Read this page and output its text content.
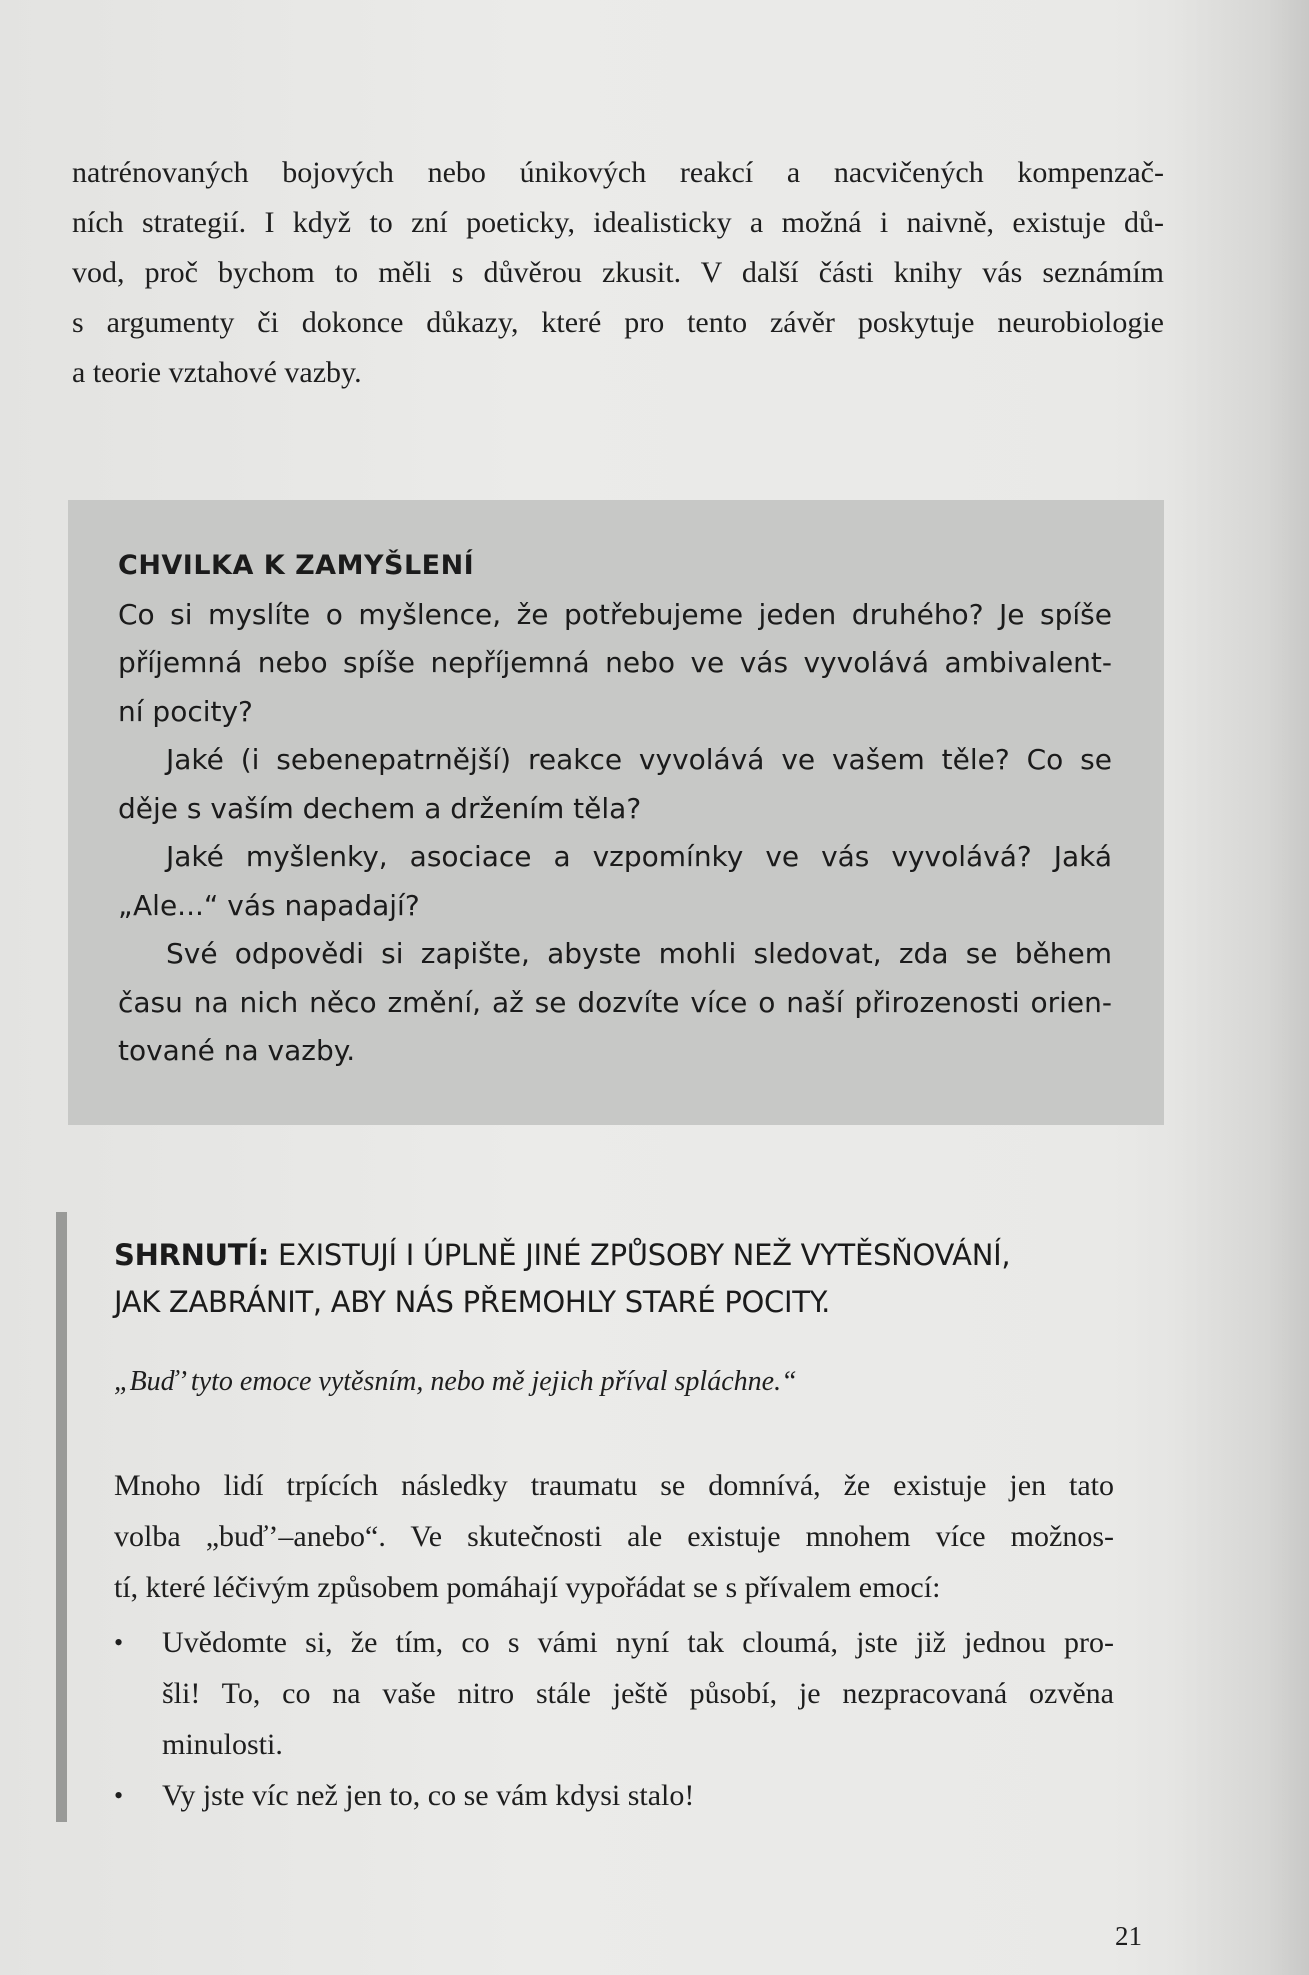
natrénovaných bojových nebo únikových reakcí a nacvičených kompenzač-
ních strategií. I když to zní poeticky, idealisticky a možná i naivně, existuje dů-
vod, proč bychom to měli s důvěrou zkusit. V další části knihy vás seznámím
s argumenty či dokonce důkazy, které pro tento závěr poskytuje neurobiologie
a teorie vztahové vazby.
CHVILKA K ZAMYŠLENÍ
Co si myslíte o myšlence, že potřebujeme jeden druhého? Je spíše
příjemná nebo spíše nepříjemná nebo ve vás vyvolává ambivalent-
ní pocity?
Jaké (i sebenepatrnější) reakce vyvolává ve vašem těle? Co se
děje s vaším dechem a držením těla?
Jaké myšlenky, asociace a vzpomínky ve vás vyvolává? Jaká
„Ale...“ vás napadají?
Své odpovědi si zapište, abyste mohli sledovat, zda se během
času na nich něco změní, až se dozvíte více o naší přirozenosti orien-
tované na vazby.
SHRNUTÍ: EXISTUJÍ I ÚPLNĚ JINÉ ZPŮSOBY NEŽ VYTĚSŇOVÁNÍ,
JAK ZABRÁNIT, ABY NÁS PŘEMOHLY STARÉ POCITY.
„Buď’ tyto emoce vytěsním, nebo mě jejich příval spláchne.“
Mnoho lidí trpících následky traumatu se domnívá, že existuje jen tato
volba „buď’–anebo“. Ve skutečnosti ale existuje mnohem více možnos-
tí, které léčivým způsobem pomáhají vypořádat se s přívalem emocí:
• Uvědomte si, že tím, co s vámi nyní tak cloumá, jste již jednou pro-
šli! To, co na vaše nitro stále ještě působí, je nezpracovaná ozvěna
minulosti.
• Vy jste víc než jen to, co se vám kdysi stalo!
21
